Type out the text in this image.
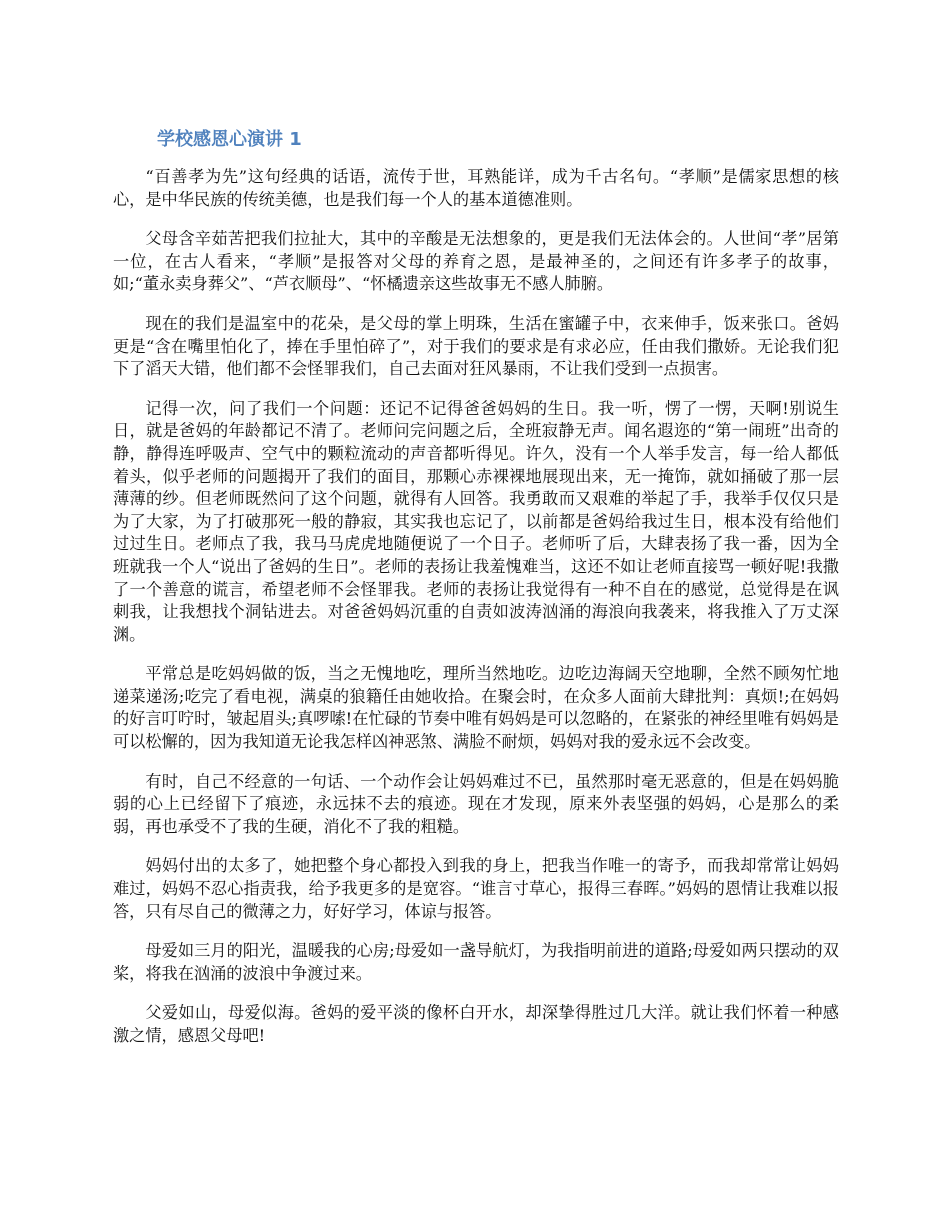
学校感恩心演讲 1

“百善孝为先”这句经典的话语，流传于世，耳熟能详，成为千古名句。“孝顺”是儒家思想的核心，是中华民族的传统美德，也是我们每一个人的基本道德准则。

父母含辛茹苦把我们拉扯大，其中的辛酸是无法想象的，更是我们无法体会的。人世间“孝”居第一位，在古人看来，“孝顺”是报答对父母的养育之恩，是最神圣的，之间还有许多孝子的故事，如;“董永卖身葬父”、“芦衣顺母”、“怀橘遗亲这些故事无不感人肺腑。

现在的我们是温室中的花朵，是父母的掌上明珠，生活在蜜罐子中，衣来伸手，饭来张口。爸妈更是“含在嘴里怕化了，捧在手里怕碎了”，对于我们的要求是有求必应，任由我们撒娇。无论我们犯下了滔天大错，他们都不会怪罪我们，自己去面对狂风暴雨，不让我们受到一点损害。

记得一次，问了我们一个问题：还记不记得爸爸妈妈的生日。我一听，愣了一愣，天啊!别说生日，就是爸妈的年龄都记不清了。老师问完问题之后，全班寂静无声。闻名遐迩的“第一闹班”出奇的静，静得连呼吸声、空气中的颗粒流动的声音都听得见。许久，没有一个人举手发言，每一给人都低着头，似乎老师的问题揭开了我们的面目，那颗心赤裸裸地展现出来，无一掩饰，就如捅破了那一层薄薄的纱。但老师既然问了这个问题，就得有人回答。我勇敢而又艰难的举起了手，我举手仅仅只是为了大家，为了打破那死一般的静寂，其实我也忘记了，以前都是爸妈给我过生日，根本没有给他们过过生日。老师点了我，我马马虎虎地随便说了一个日子。老师听了后，大肆表扬了我一番，因为全班就我一个人“说出了爸妈的生日”。老师的表扬让我羞愧难当，这还不如让老师直接骂一顿好呢!我撒了一个善意的谎言，希望老师不会怪罪我。老师的表扬让我觉得有一种不自在的感觉，总觉得是在讽刺我，让我想找个洞钻进去。对爸爸妈妈沉重的自责如波涛汹涌的海浪向我袭来，将我推入了万丈深渊。

平常总是吃妈妈做的饭，当之无愧地吃，理所当然地吃。边吃边海阔天空地聊，全然不顾匆忙地递菜递汤;吃完了看电视，满桌的狼籍任由她收拾。在聚会时，在众多人面前大肆批判：真烦!;在妈妈的好言叮咛时，皱起眉头;真啰嗦!在忙碌的节奏中唯有妈妈是可以忽略的，在紧张的神经里唯有妈妈是可以松懈的，因为我知道无论我怎样凶神恶煞、满脸不耐烦，妈妈对我的爱永远不会改变。

有时，自己不经意的一句话、一个动作会让妈妈难过不已，虽然那时毫无恶意的，但是在妈妈脆弱的心上已经留下了痕迹，永远抹不去的痕迹。现在才发现，原来外表坚强的妈妈，心是那么的柔弱，再也承受不了我的生硬，消化不了我的粗糙。

妈妈付出的太多了，她把整个身心都投入到我的身上，把我当作唯一的寄予，而我却常常让妈妈难过，妈妈不忍心指责我，给予我更多的是宽容。“谁言寸草心，报得三春晖。”妈妈的恩情让我难以报答，只有尽自己的微薄之力，好好学习，体谅与报答。

母爱如三月的阳光，温暖我的心房;母爱如一盏导航灯，为我指明前进的道路;母爱如两只摆动的双桨，将我在汹涌的波浪中争渡过来。

父爱如山，母爱似海。爸妈的爱平淡的像杯白开水，却深挚得胜过几大洋。就让我们怀着一种感激之情，感恩父母吧!
